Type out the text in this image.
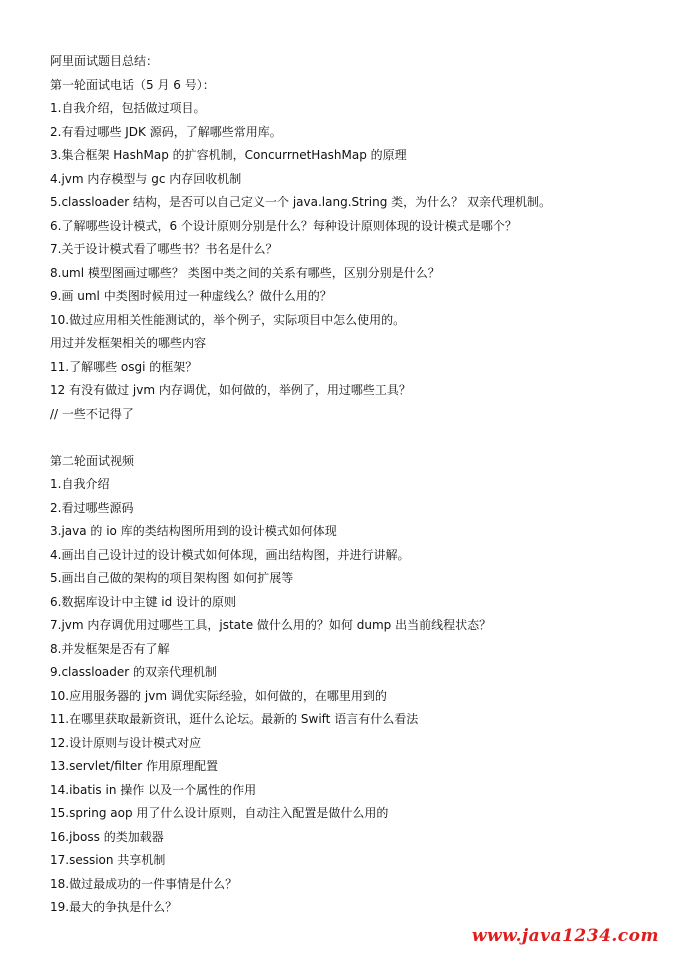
阿里面试题目总结：
第一轮面试电话（5 月 6 号）：
1.自我介绍，包括做过项目。
2.有看过哪些 JDK 源码，了解哪些常用库。
3.集合框架 HashMap 的扩容机制，ConcurrnetHashMap 的原理
4.jvm 内存模型与 gc 内存回收机制
5.classloader 结构，是否可以自己定义一个 java.lang.String 类，为什么？ 双亲代理机制。
6.了解哪些设计模式，6 个设计原则分别是什么？每种设计原则体现的设计模式是哪个？
7.关于设计模式看了哪些书？书名是什么？
8.uml 模型图画过哪些？ 类图中类之间的关系有哪些，区别分别是什么？
9.画 uml 中类图时候用过一种虚线么？做什么用的？
10.做过应用相关性能测试的，举个例子，实际项目中怎么使用的。
用过并发框架相关的哪些内容
11.了解哪些 osgi 的框架？
12 有没有做过 jvm 内存调优，如何做的，举例了，用过哪些工具？
// 一些不记得了
第二轮面试视频
1.自我介绍
2.看过哪些源码
3.java 的 io 库的类结构图所用到的设计模式如何体现
4.画出自己设计过的设计模式如何体现，画出结构图，并进行讲解。
5.画出自己做的架构的项目架构图 如何扩展等
6.数据库设计中主键 id 设计的原则
7.jvm 内存调优用过哪些工具，jstate 做什么用的？如何 dump 出当前线程状态？
8.并发框架是否有了解
9.classloader 的双亲代理机制
10.应用服务器的 jvm 调优实际经验，如何做的，在哪里用到的
11.在哪里获取最新资讯，逛什么论坛。最新的 Swift 语言有什么看法
12.设计原则与设计模式对应
13.servlet/filter 作用原理配置
14.ibatis in 操作 以及一个属性的作用
15.spring aop 用了什么设计原则，自动注入配置是做什么用的
16.jboss 的类加载器
17.session 共享机制
18.做过最成功的一件事情是什么？
19.最大的争执是什么？
www.java1234.com
